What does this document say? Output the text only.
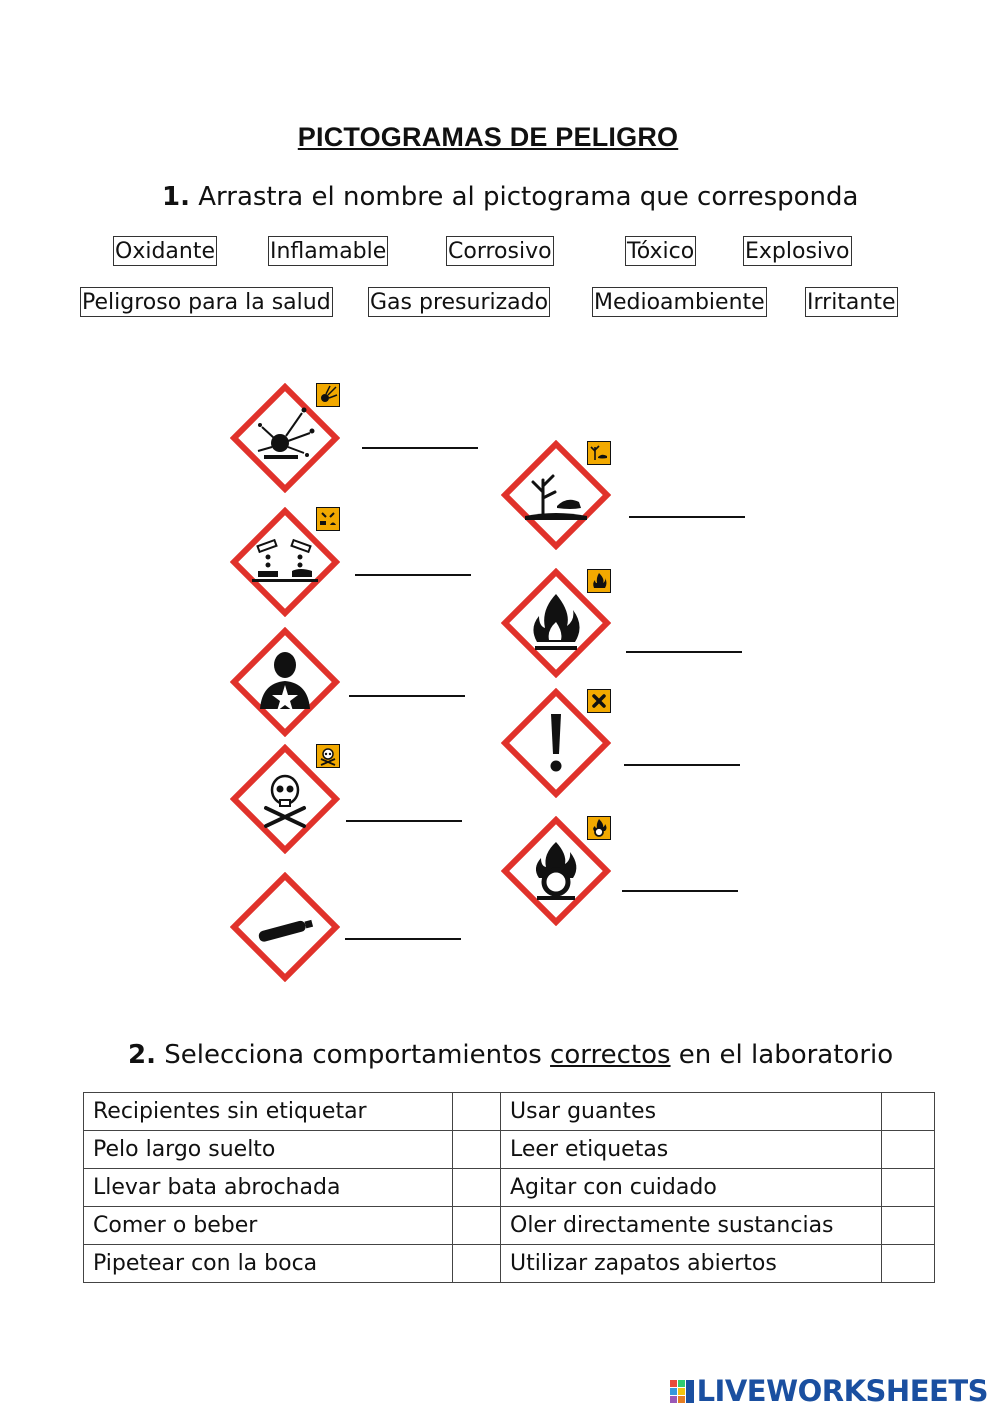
PICTOGRAMAS DE PELIGRO
1. Arrastra el nombre al pictograma que corresponda
Oxidante	Inflamable	Corrosivo	Tóxico Explosivo
Peligroso para la salud Gas presurizado Medioambiente Irritante
2. Selecciona comportamientos correctos en el laboratorio
Recipientes sin etiquetar		Usar guantes	
Pelo largo suelto		Leer etiquetas	
Llevar bata abrochada		Agitar con cuidado	
Comer o beber		Oler directamente sustancias	
Pipetear con la boca		Utilizar zapatos abiertos	
LIVEWORKSHEETS
